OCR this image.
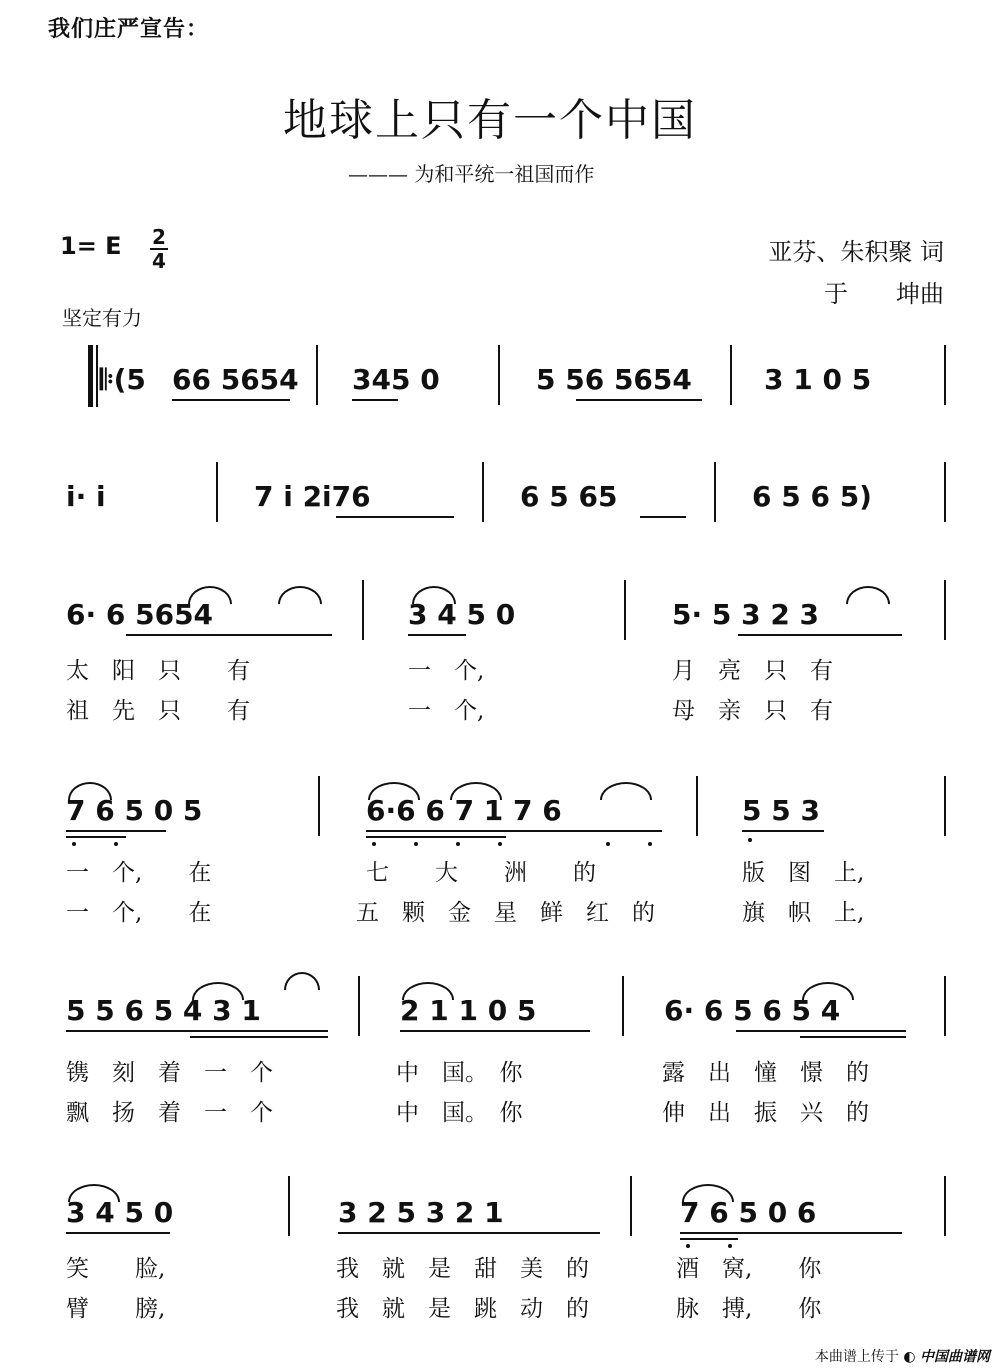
我们庄严宣告：
地球上只有一个中国
——— 为和平统一祖国而作
1= E 2
4
坚定有力
亚芬、朱积聚 词
于　　坤曲
𝄆(5 66 5654 345 0	5 56 5654	3 1 0 5
i· i	7 i 2i76	6 5 65	6 5 6 5)
6· 6 5654	3 4 5 0	5· 5 3 2 3
太　阳　只　　有	一　个,	月　亮　只　有
祖　先　只　　有	一　个,	母　亲　只　有
7 6 5 0 5	6·6 6 7 1 7 6	5 5 3
一　个,　　在	七　　大　　洲　　的	版　图　上,
一　个,　　在	五　颗　金　星　鲜　红　的	旗　帜　上,
5 5 6 5 4 3 1	2 1 1 0 5	6· 6 5 6 5 4
镌　刻　着　一　个	中　国。　你	露　出　憧　憬　的
飘　扬　着　一　个	中　国。　你	伸　出　振　兴　的
3 4 5 0	3 2 5 3 2 1	7 6 5 0 6
笑　　脸,	我　就　是　甜　美　的	酒　窝,　　你
臂　　膀,	我　就　是　跳　动　的	脉　搏,　　你
本曲谱上传于 ◐ 中国曲谱网
